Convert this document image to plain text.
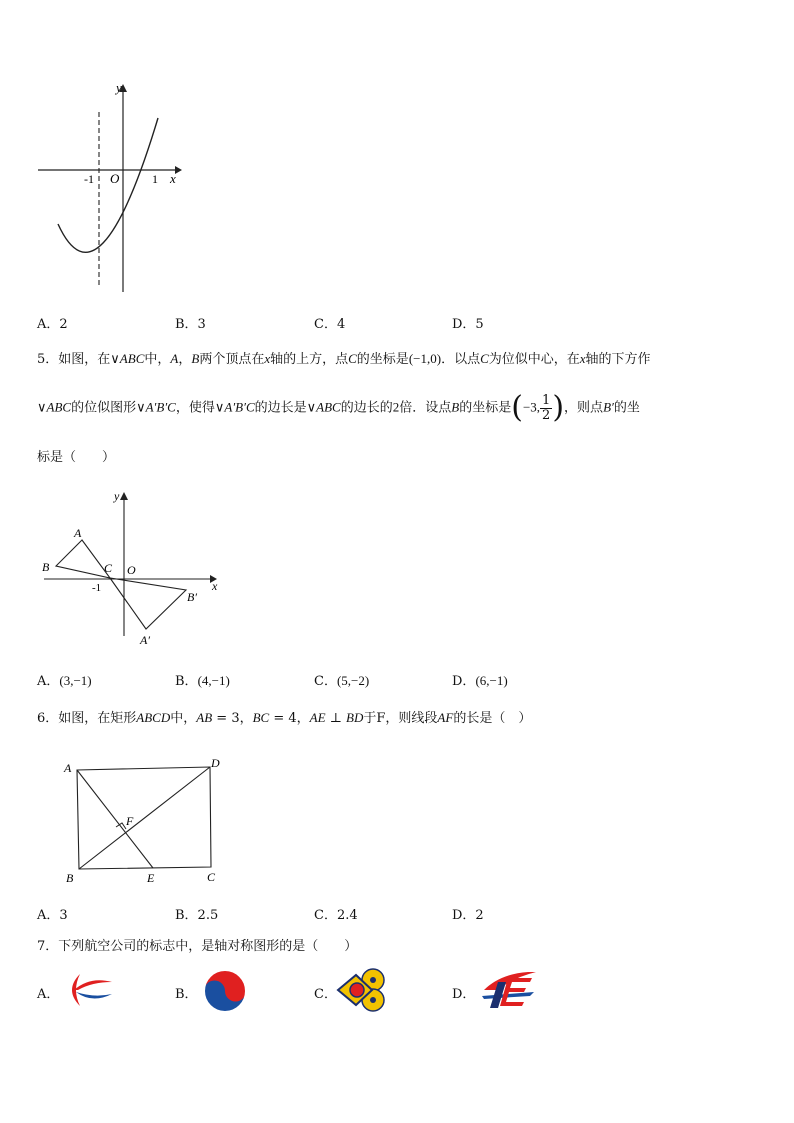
y
x
O
-1	1
A．2	B．3	C．4	D．5
5．如图，在∨ABC中，A，B两个顶点在x轴的上方，点C的坐标是(−1,0)．以点C为位似中心，在x轴的下方作
∨ABC的位似图形∨A′B′C，使得∨A′B′C的边长是∨ABC的边长的2倍．设点B的坐标是(−3, $\frac{1}{2}$ )，则点B′的坐
标是（　　）
y
x
A
B	C O
-1
B′
A′
A．(3,−1)	B．(4,−1)	C．(5,−2)	D．(6,−1)
6．如图，在矩形ABCD中，AB = 3，BC = 4，AE ⊥ BD于F，则线段AF的长是（　）
A	D
F
B	E	C
A．3	B．2.5	C．2.4	D．2
7．下列航空公司的标志中，是轴对称图形的是（　　）
A．	B．	C．	D．
